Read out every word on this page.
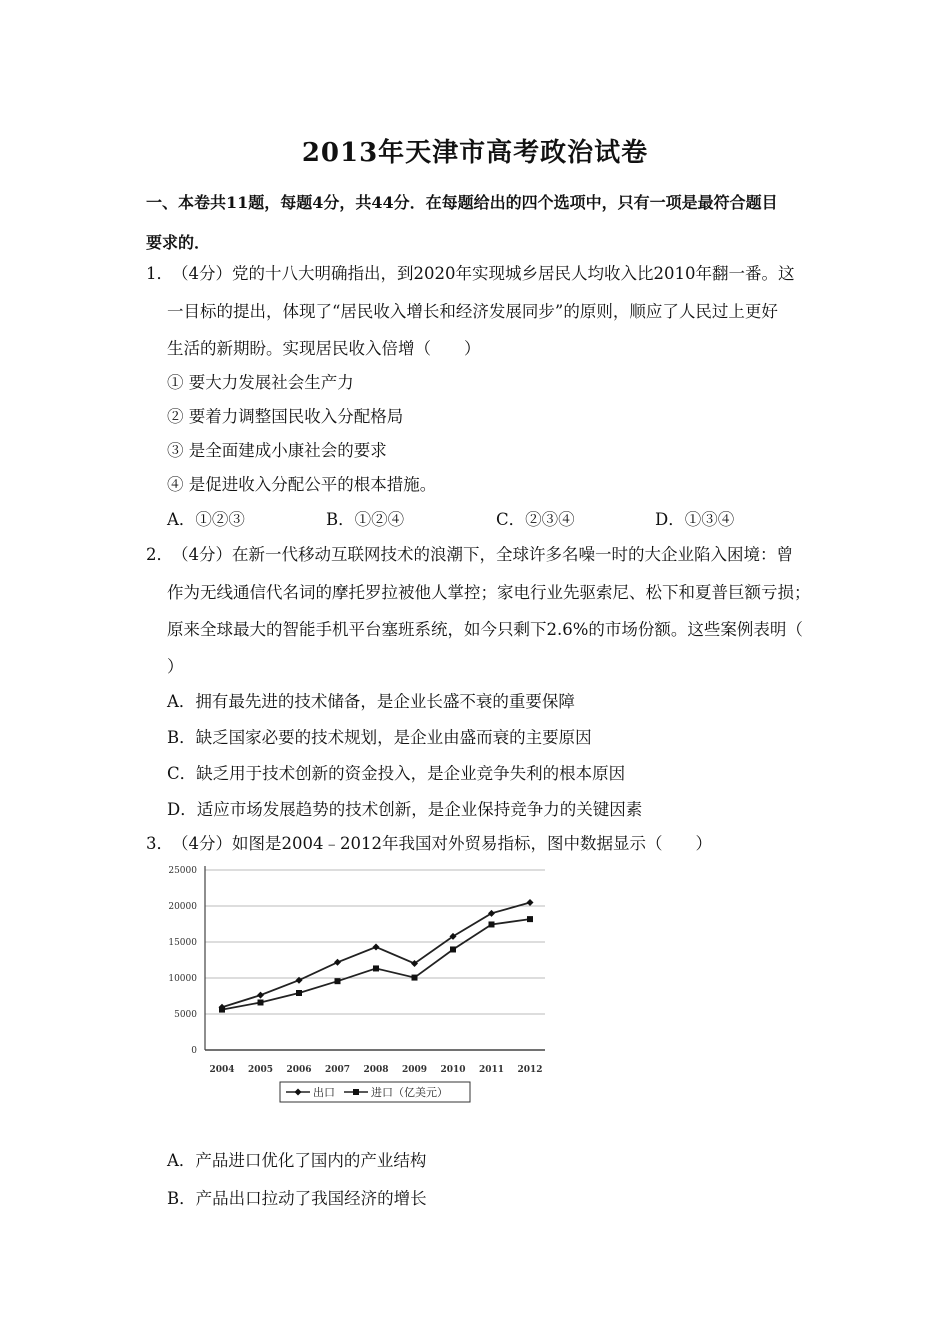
2013年天津市高考政治试卷
一、本卷共11题，每题4分，共44分．在每题给出的四个选项中，只有一项是最符合题目
要求的．
1． （4分）党的十八大明确指出，到2020年实现城乡居民人均收入比2010年翻一番。这
一目标的提出，体现了“居民收入增长和经济发展同步”的原则，顺应了人民过上更好
生活的新期盼。实现居民收入倍增（　　）
① 要大力发展社会生产力
② 要着力调整国民收入分配格局
③ 是全面建成小康社会的要求
④ 是促进收入分配公平的根本措施。
A．①②③	B．①②④	C．②③④	D．①③④
2． （4分）在新一代移动互联网技术的浪潮下，全球许多名噪一时的大企业陷入困境：曾
作为无线通信代名词的摩托罗拉被他人掌控；家电行业先驱索尼、松下和夏普巨额亏损；
原来全球最大的智能手机平台塞班系统，如今只剩下2.6%的市场份额。这些案例表明（
）
A．拥有最先进的技术储备，是企业长盛不衰的重要保障
B．缺乏国家必要的技术规划，是企业由盛而衰的主要原因
C．缺乏用于技术创新的资金投入，是企业竞争失利的根本原因
D．适应市场发展趋势的技术创新，是企业保持竞争力的关键因素
3． （4分）如图是2004﹣2012年我国对外贸易指标，图中数据显示（　　）
0
5000
10000
15000
20000
25000
2004 2005 2006 2007 2008 2009 2010 2011 2012
出口	进口（亿美元）
A．产品进口优化了国内的产业结构
B．产品出口拉动了我国经济的增长
